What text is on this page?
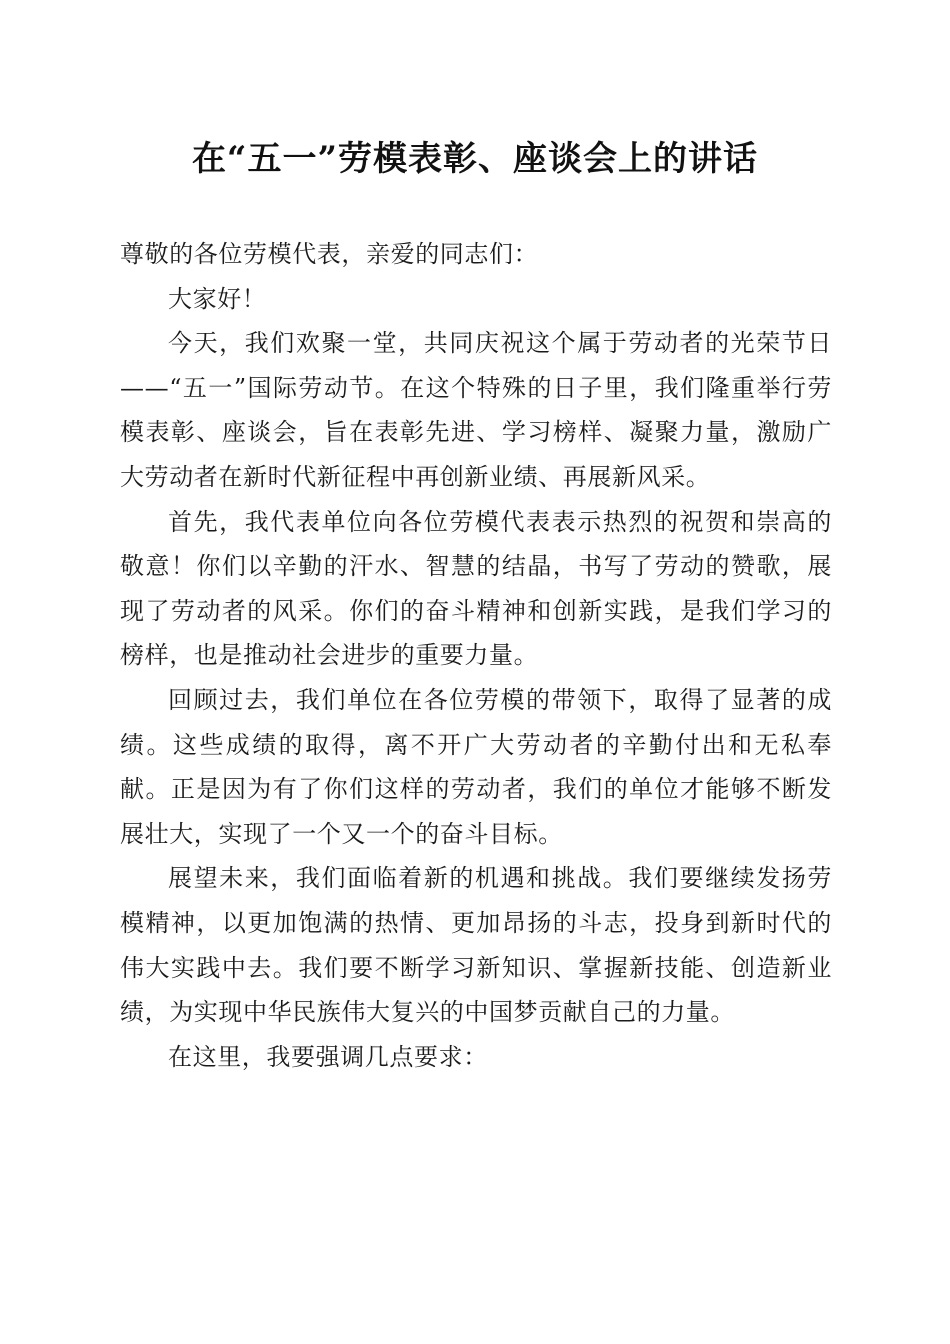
在“五一”劳模表彰、座谈会上的讲话

尊敬的各位劳模代表，亲爱的同志们：

大家好！

今天，我们欢聚一堂，共同庆祝这个属于劳动者的光荣节日——“五一”国际劳动节。在这个特殊的日子里，我们隆重举行劳模表彰、座谈会，旨在表彰先进、学习榜样、凝聚力量，激励广大劳动者在新时代新征程中再创新业绩、再展新风采。

首先，我代表单位向各位劳模代表表示热烈的祝贺和崇高的敬意！你们以辛勤的汗水、智慧的结晶，书写了劳动的赞歌，展现了劳动者的风采。你们的奋斗精神和创新实践，是我们学习的榜样，也是推动社会进步的重要力量。

回顾过去，我们单位在各位劳模的带领下，取得了显著的成绩。这些成绩的取得，离不开广大劳动者的辛勤付出和无私奉献。正是因为有了你们这样的劳动者，我们的单位才能够不断发展壮大，实现了一个又一个的奋斗目标。

展望未来，我们面临着新的机遇和挑战。我们要继续发扬劳模精神，以更加饱满的热情、更加昂扬的斗志，投身到新时代的伟大实践中去。我们要不断学习新知识、掌握新技能、创造新业绩，为实现中华民族伟大复兴的中国梦贡献自己的力量。

在这里，我要强调几点要求：
